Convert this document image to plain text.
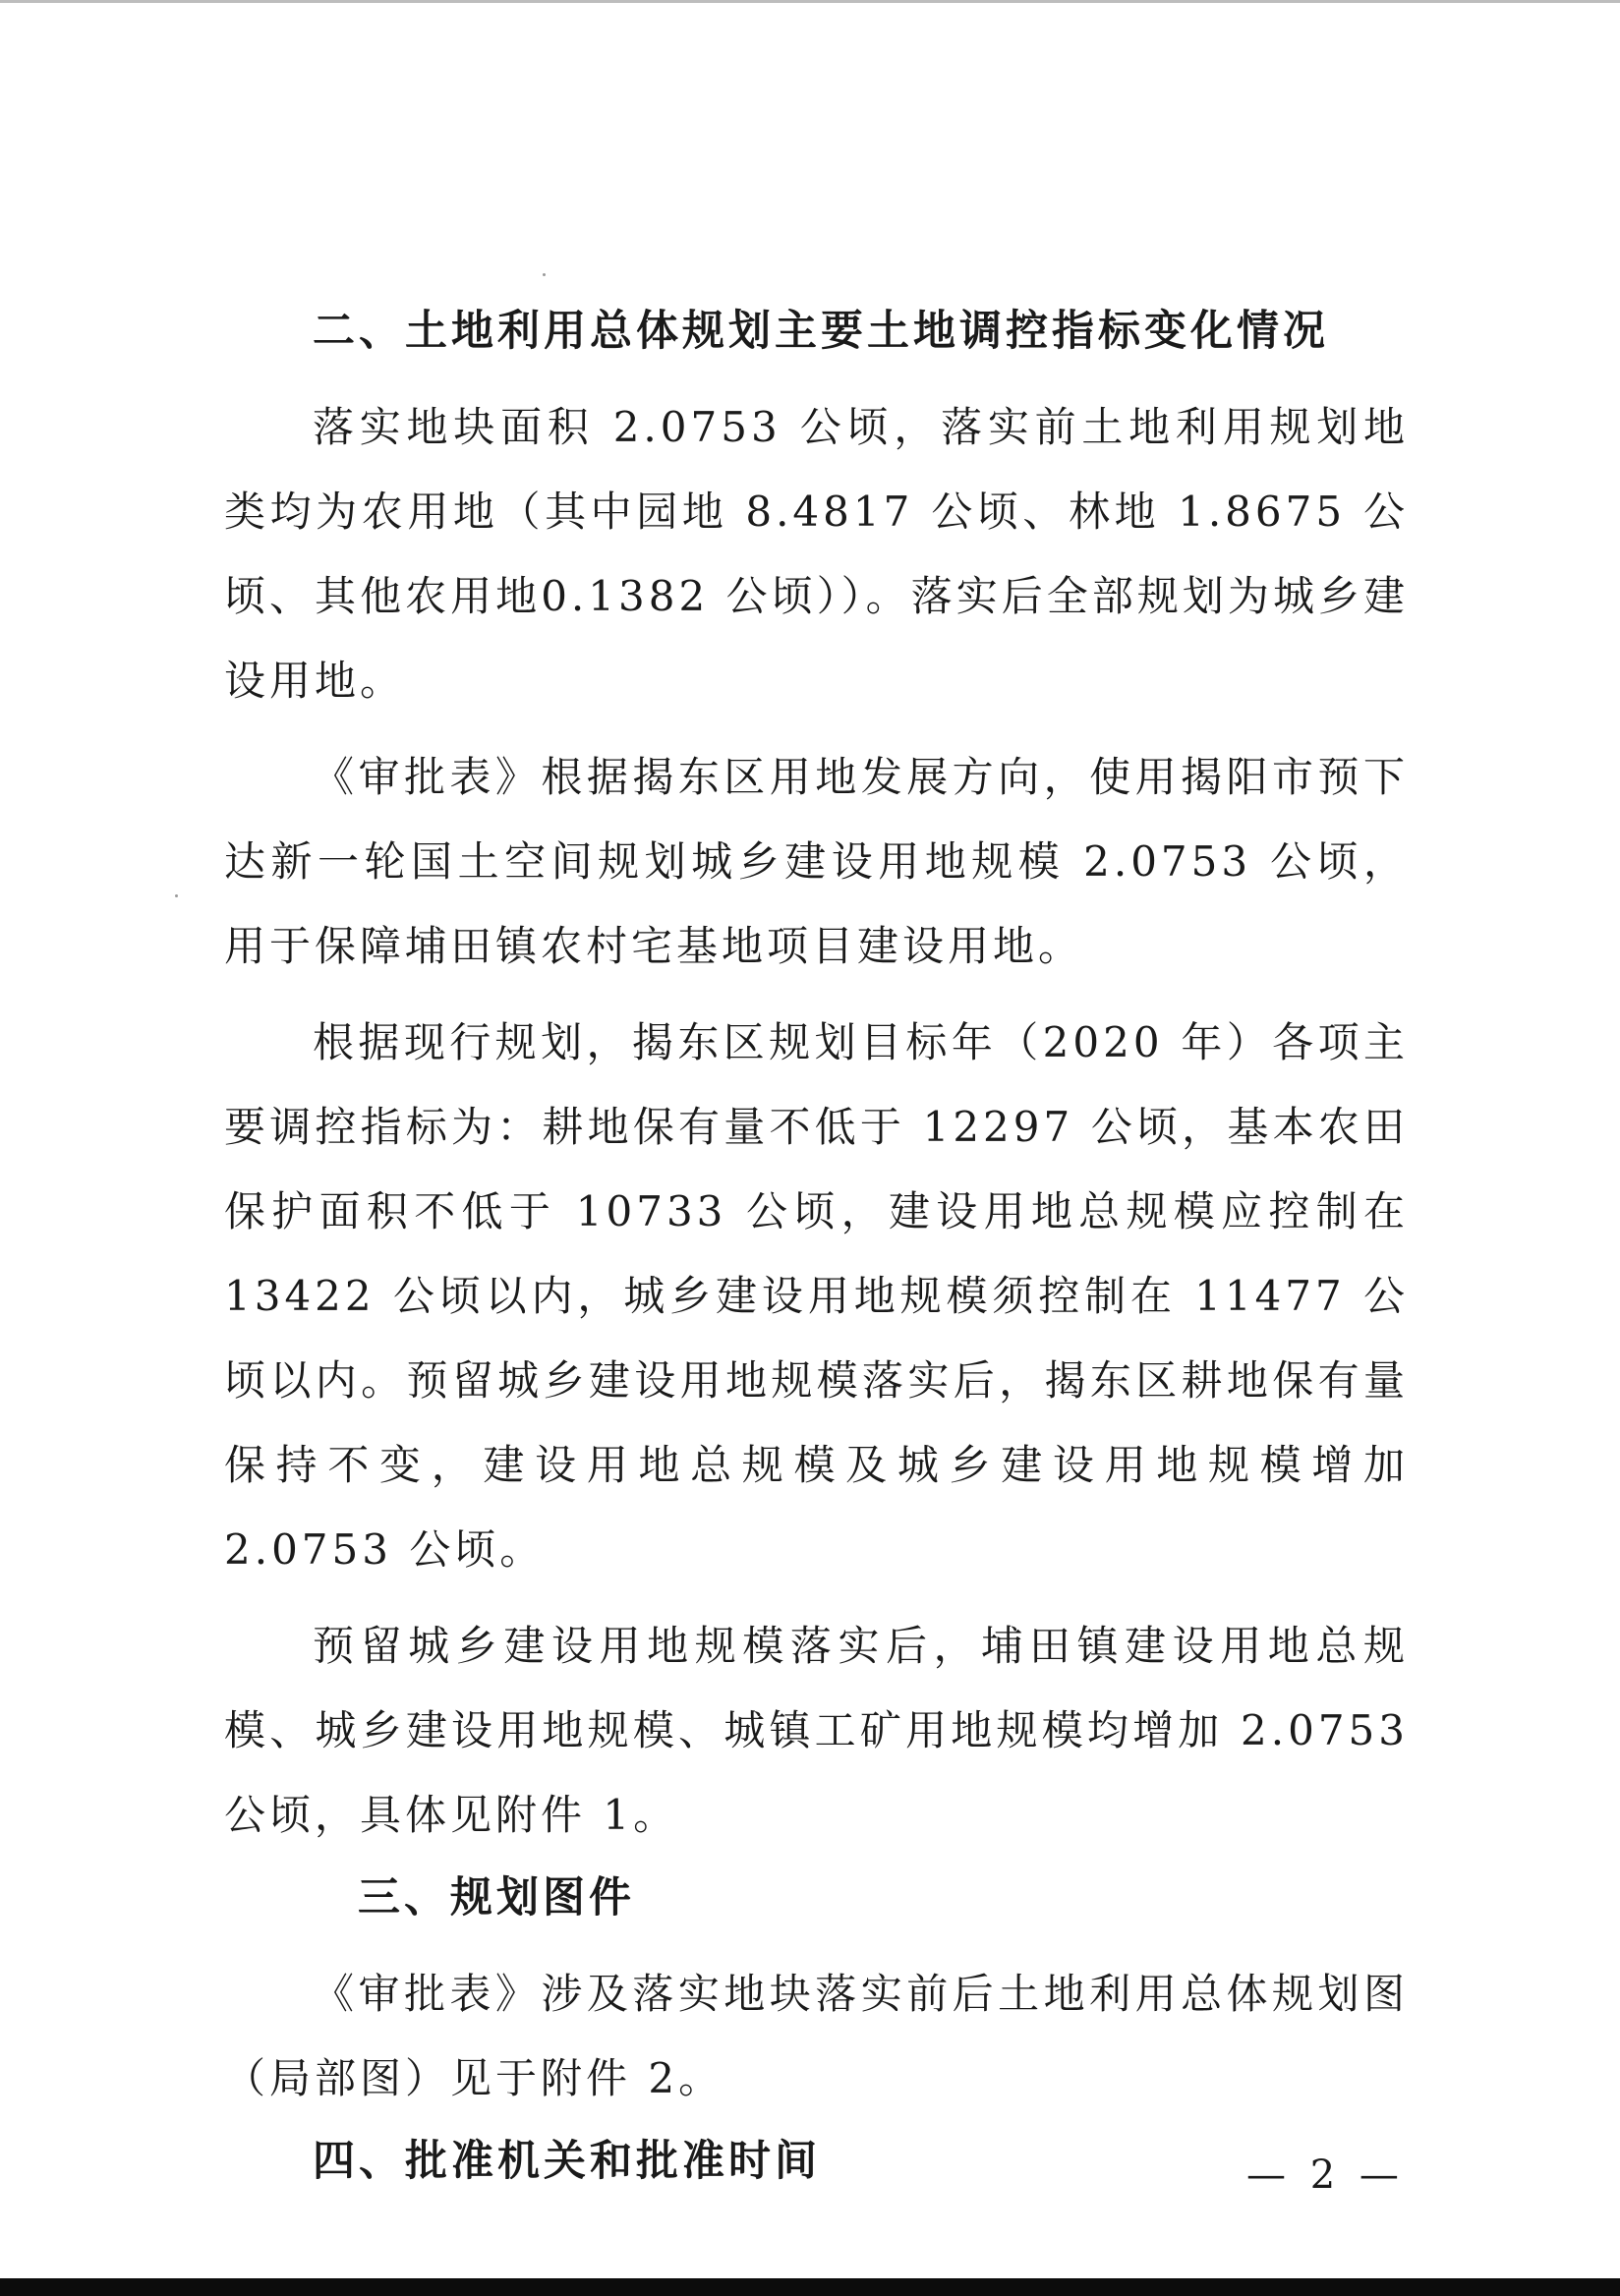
二、土地利用总体规划主要土地调控指标变化情况

落实地块面积 2.0753 公顷，落实前土地利用规划地类均为农用地（其中园地 8.4817 公顷、林地 1.8675 公顷、其他农用地0.1382 公顷））。落实后全部规划为城乡建设用地。

《审批表》根据揭东区用地发展方向，使用揭阳市预下达新一轮国土空间规划城乡建设用地规模 2.0753 公顷，用于保障埔田镇农村宅基地项目建设用地。

根据现行规划，揭东区规划目标年（2020 年）各项主要调控指标为：耕地保有量不低于 12297 公顷，基本农田保护面积不低于 10733 公顷，建设用地总规模应控制在 13422 公顷以内，城乡建设用地规模须控制在 11477 公顷以内。预留城乡建设用地规模落实后，揭东区耕地保有量保持不变，建设用地总规模及城乡建设用地规模增加 2.0753 公顷。

预留城乡建设用地规模落实后，埔田镇建设用地总规模、城乡建设用地规模、城镇工矿用地规模均增加 2.0753 公顷，具体见附件 1。

三、规划图件

《审批表》涉及落实地块落实前后土地利用总体规划图（局部图）见于附件 2。

四、批准机关和批准时间	— 2 —
